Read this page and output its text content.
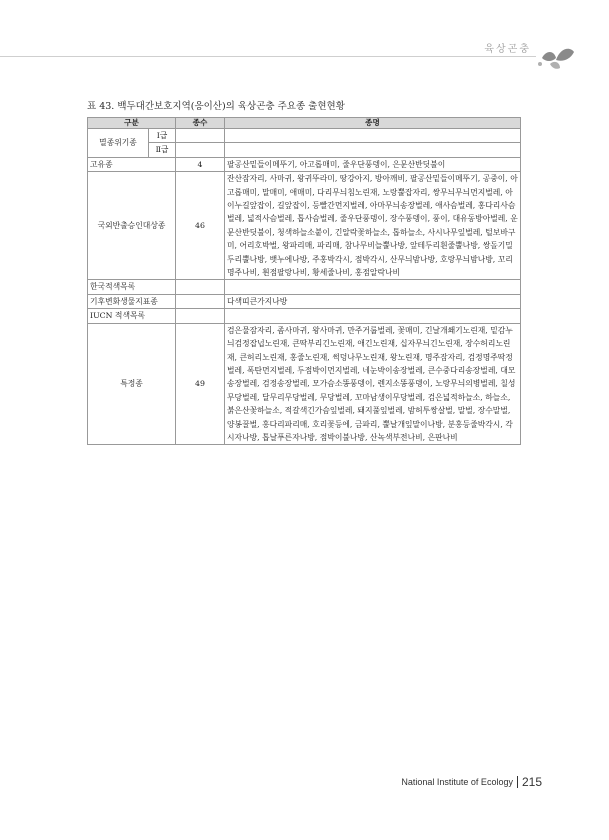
육상곤충
표 43. 백두대간보호지역(응이산)의 육상곤충 주요종 출현현황
구분		종수	종명
멸종위기종	Ⅰ급		
	Ⅱ급		
고유종		4	팔공산밑들이메뚜기, 아고롭매미, 줄우단풍뎅이, 은문산반딧불이
국외반출승인대상종		46	잔산잠자리, 사마귀, 왕귀뚜라미, 땅강아지, 방아깨비, 팔공산밑들이메뚜기, 공중이, 아고롭매미, 말매미, 애매미, 다리무늬침노린재, 노랑뿔잡자리, 쌍무늬무늬먼지벌레, 아이누길앞잡이, 길앞잡이, 등빨간먼지벌레, 아마무늬송장벌레, 애사슴벌레, 홍다리사슴벌레, 넓적사슴벌레, 톱사슴벌레, 줄우단풍뎅이, 장수풍뎅이, 풍이, 대유동방아벌레, 운문산반딧불이, 청색하늘소붙이, 긴알락꽃하늘소, 톱하늘소, 사시나무잎벌레, 털보바구미, 어리호박벌, 왕파리매, 파리매, 참나무비늘뿔나방, 앞테두리흰줄뿔나방, 쌍돌기밀두리뿔나방, 뱃누에나방, 주홍박각시, 점박각시, 산무늬밤나방, 호랑무늬밤나방, 꼬리명주나비, 휜점팔랑나비, 황세줄나비, 홍점알락나비
한국적색목록			
기후변화생물지표종			다색띠큰가지나방
IUCN 적색목록			
특정종		49	검은물잠자리, 좀사마귀, 왕사마귀, 만주거룹벌레, 꽃매미, 긴날개쐐기노린재, 밑감누늬검정잡넙노린재, 큰딱부리긴노린재, 애긴노린재, 십자무늬긴노린재, 장수허리노린재, 큰허리노린재, 홍줄노린재, 썩덩나무노린재, 왕노린재, 명주잠자리, 검정명주딱정벌레, 폭탄먼지벌레, 두점박이먼지벌레, 네눈박이송장벌레, 큰수중다리송장벌레, 대모송장벌레, 검정송장벌레, 모가슴소똥풍뎅이, 렌지소똥풍뎅이, 노랑무늬의병벌레, 칠성무당벌레, 달무리무당벌레, 무당벌레, 꼬마남생이무당벌레, 검은넓적하늘소, 하늘소, 붉은산꽃하늘소, 적갈색긴가슴잎벌레, 돼지풀잎벌레, 밤허투쌍살벌, 말벌, 장수말벌, 양봉꿀벌, 홍다리파리매, 호리꽃등에, 금파리, 뿔날개잎말이나방, 분홍등줄박각시, 각시자나방, 톱날푸른자나방, 점박이불나방, 산녹색부전나비, 은판나비
National Institute of Ecology 215
